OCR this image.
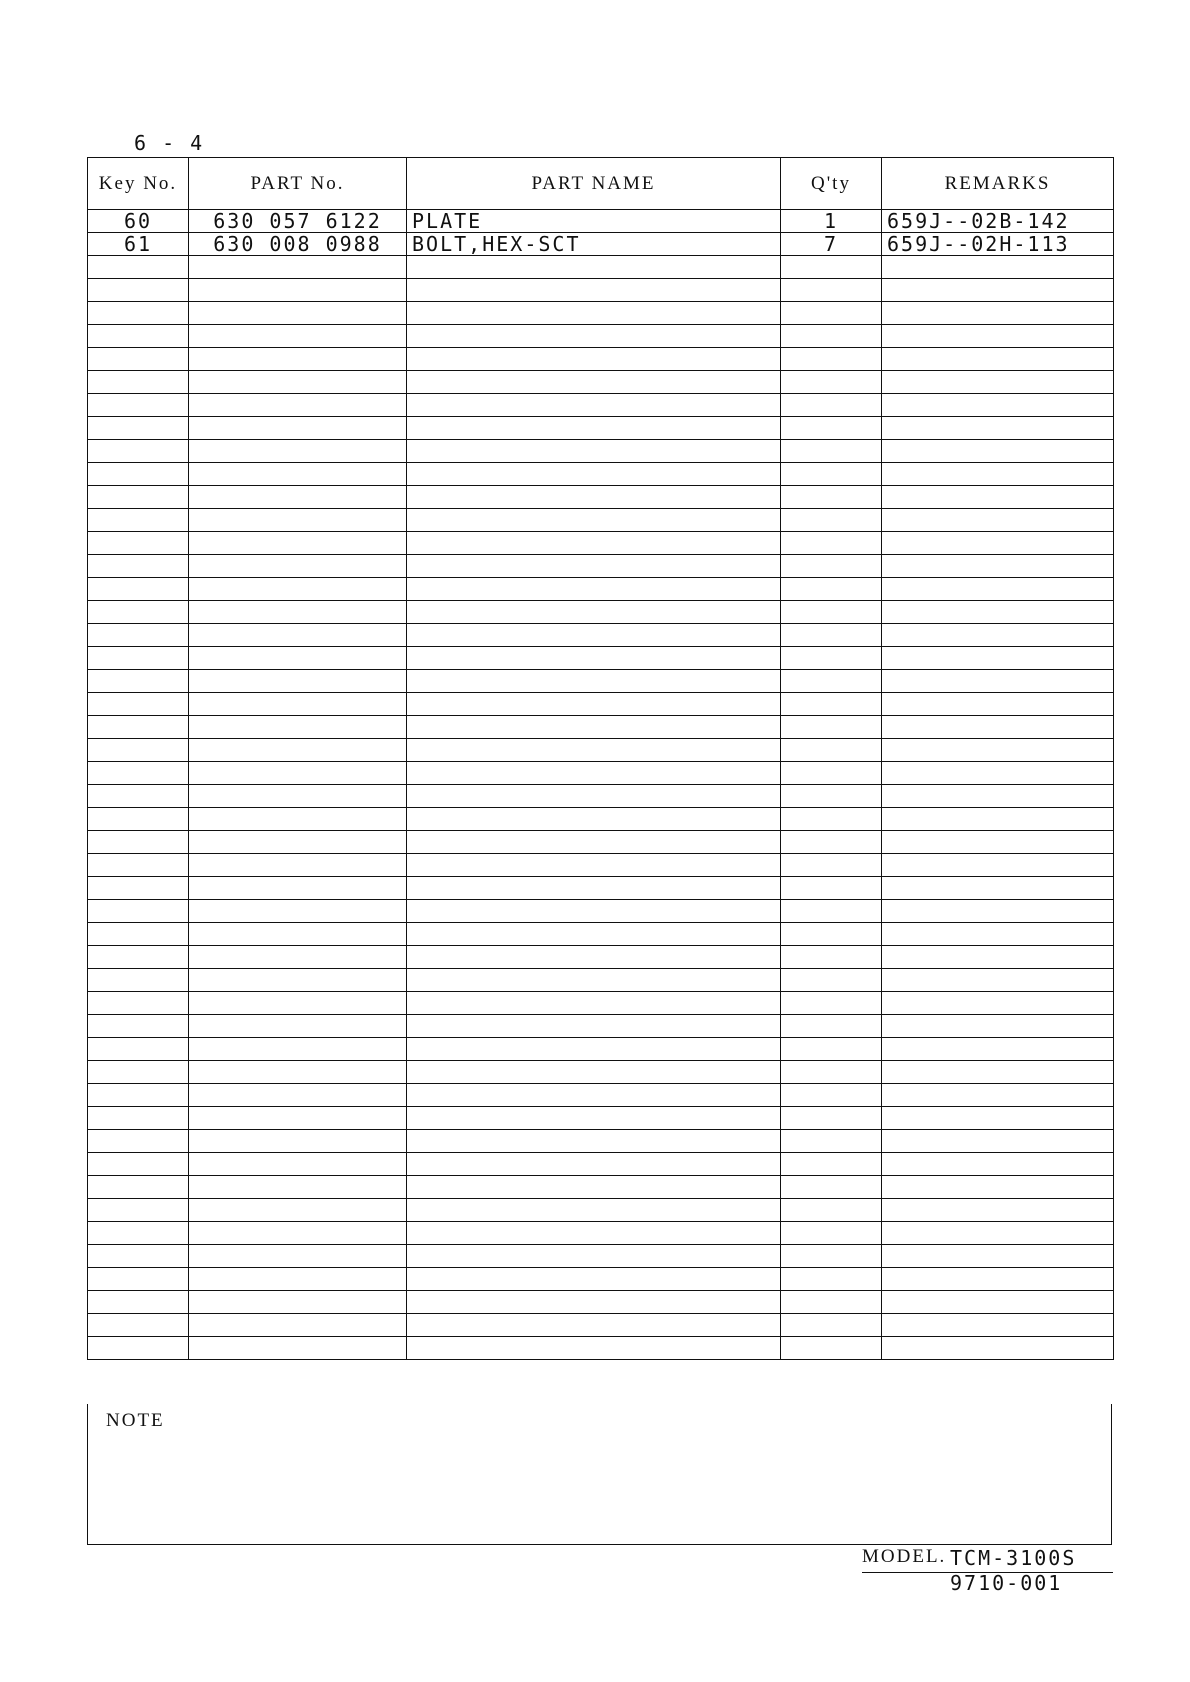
6 - 4
Key No.	PART No.	PART NAME	Q'ty	REMARKS
60	630 057 6122	PLATE	1	659J--02B-142
61	630 008 0988	BOLT,HEX-SCT	7	659J--02H-113

NOTE
MODEL. TCM-3100S
9710-001
